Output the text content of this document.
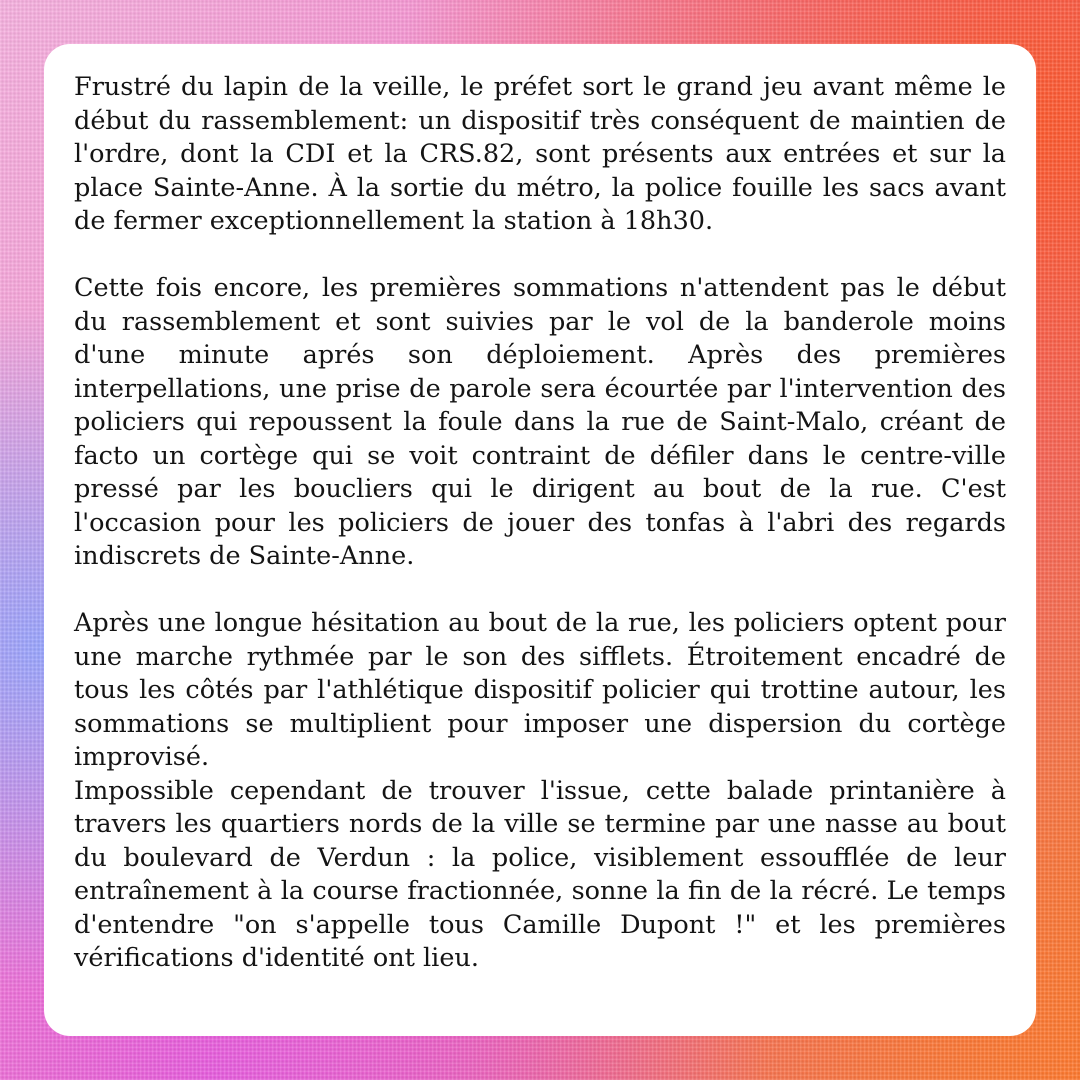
Frustré du lapin de la veille, le préfet sort le grand jeu avant même le début du rassemblement: un dispositif très conséquent de maintien de l'ordre, dont la CDI et la CRS.82, sont présents aux entrées et sur la place Sainte-Anne. À la sortie du métro, la police fouille les sacs avant de fermer exceptionnellement la station à 18h30.

Cette fois encore, les premières sommations n'attendent pas le début du rassemblement et sont suivies par le vol de la banderole moins d'une minute aprés son déploiement. Après des premières interpellations, une prise de parole sera écourtée par l'intervention des policiers qui repoussent la foule dans la rue de Saint-Malo, créant de facto un cortège qui se voit contraint de défiler dans le centre-ville pressé par les boucliers qui le dirigent au bout de la rue. C'est l'occasion pour les policiers de jouer des tonfas à l'abri des regards indiscrets de Sainte-Anne.

Après une longue hésitation au bout de la rue, les policiers optent pour une marche rythmée par le son des sifflets. Étroitement encadré de tous les côtés par l'athlétique dispositif policier qui trottine autour, les sommations se multiplient pour imposer une dispersion du cortège improvisé.

Impossible cependant de trouver l'issue, cette balade printanière à travers les quartiers nords de la ville se termine par une nasse au bout du boulevard de Verdun : la police, visiblement essoufflée de leur entraînement à la course fractionnée, sonne la fin de la récré. Le temps d'entendre "on s'appelle tous Camille Dupont !" et les premières vérifications d'identité ont lieu.
